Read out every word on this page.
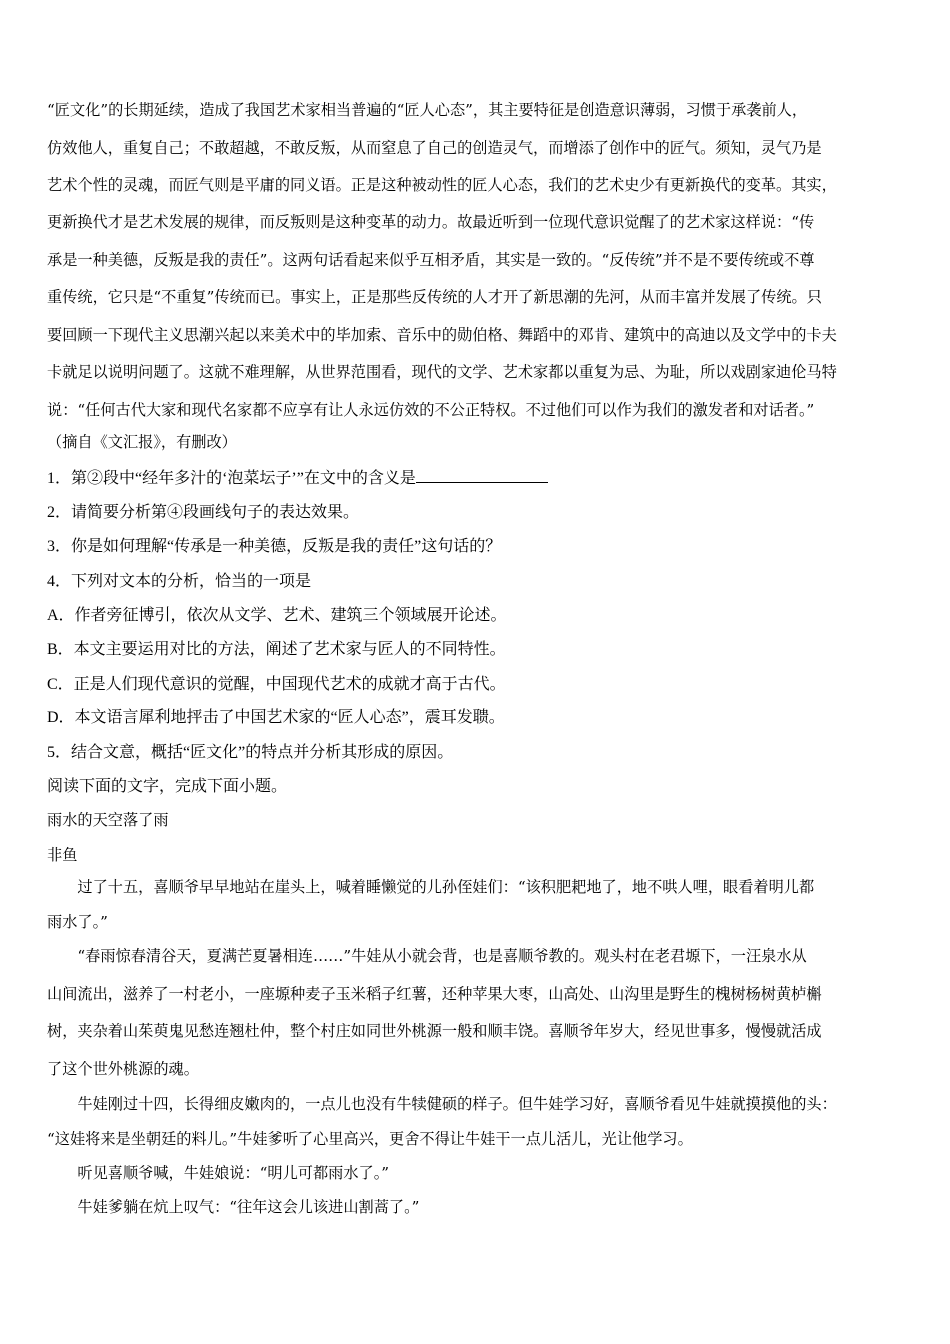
“匠文化”的长期延续，造成了我国艺术家相当普遍的“匠人心态”，其主要特征是创造意识薄弱，习惯于承袭前人，
仿效他人，重复自己；不敢超越，不敢反叛，从而窒息了自己的创造灵气，而增添了创作中的匠气。须知，灵气乃是
艺术个性的灵魂，而匠气则是平庸的同义语。正是这种被动性的匠人心态，我们的艺术史少有更新换代的变革。其实，
更新换代才是艺术发展的规律，而反叛则是这种变革的动力。故最近听到一位现代意识觉醒了的艺术家这样说：“传
承是一种美德，反叛是我的责任”。这两句话看起来似乎互相矛盾，其实是一致的。“反传统”并不是不要传统或不尊
重传统，它只是“不重复”传统而已。事实上，正是那些反传统的人才开了新思潮的先河，从而丰富并发展了传统。只
要回顾一下现代主义思潮兴起以来美术中的毕加索、音乐中的勋伯格、舞蹈中的邓肯、建筑中的高迪以及文学中的卡夫
卡就足以说明问题了。这就不难理解，从世界范围看，现代的文学、艺术家都以重复为忌、为耻，所以戏剧家迪伦马特
说：“任何古代大家和现代名家都不应享有让人永远仿效的不公正特权。不过他们可以作为我们的激发者和对话者。”
（摘自《文汇报》，有删改）
1．第②段中“经年多汁的‘泡菜坛子’”在文中的含义是
2．请简要分析第④段画线句子的表达效果。
3．你是如何理解“传承是一种美德，反叛是我的责任”这句话的？
4．下列对文本的分析，恰当的一项是
A．作者旁征博引，依次从文学、艺术、建筑三个领域展开论述。
B．本文主要运用对比的方法，阐述了艺术家与匠人的不同特性。
C．正是人们现代意识的觉醒，中国现代艺术的成就才高于古代。
D．本文语言犀利地抨击了中国艺术家的“匠人心态”，震耳发聩。
5．结合文意，概括“匠文化”的特点并分析其形成的原因。
阅读下面的文字，完成下面小题。
雨水的天空落了雨
非鱼
　　过了十五，喜顺爷早早地站在崖头上，喊着睡懒觉的儿孙侄娃们：“该积肥耙地了，地不哄人哩，眼看着明儿都
雨水了。”
　　“春雨惊春清谷天，夏满芒夏暑相连……”牛娃从小就会背，也是喜顺爷教的。观头村在老君塬下，一汪泉水从
山间流出，滋养了一村老小，一座塬种麦子玉米稻子红薯，还种苹果大枣，山高处、山沟里是野生的槐树杨树黄栌槲
树，夹杂着山茱萸鬼见愁连翘杜仲，整个村庄如同世外桃源一般和顺丰饶。喜顺爷年岁大，经见世事多，慢慢就活成
了这个世外桃源的魂。
　　牛娃刚过十四，长得细皮嫩肉的，一点儿也没有牛犊健硕的样子。但牛娃学习好，喜顺爷看见牛娃就摸摸他的头：
“这娃将来是坐朝廷的料儿。”牛娃爹听了心里高兴，更舍不得让牛娃干一点儿活儿，光让他学习。
　　听见喜顺爷喊，牛娃娘说：“明儿可都雨水了。”
　　牛娃爹躺在炕上叹气：“往年这会儿该进山割蒿了。”
